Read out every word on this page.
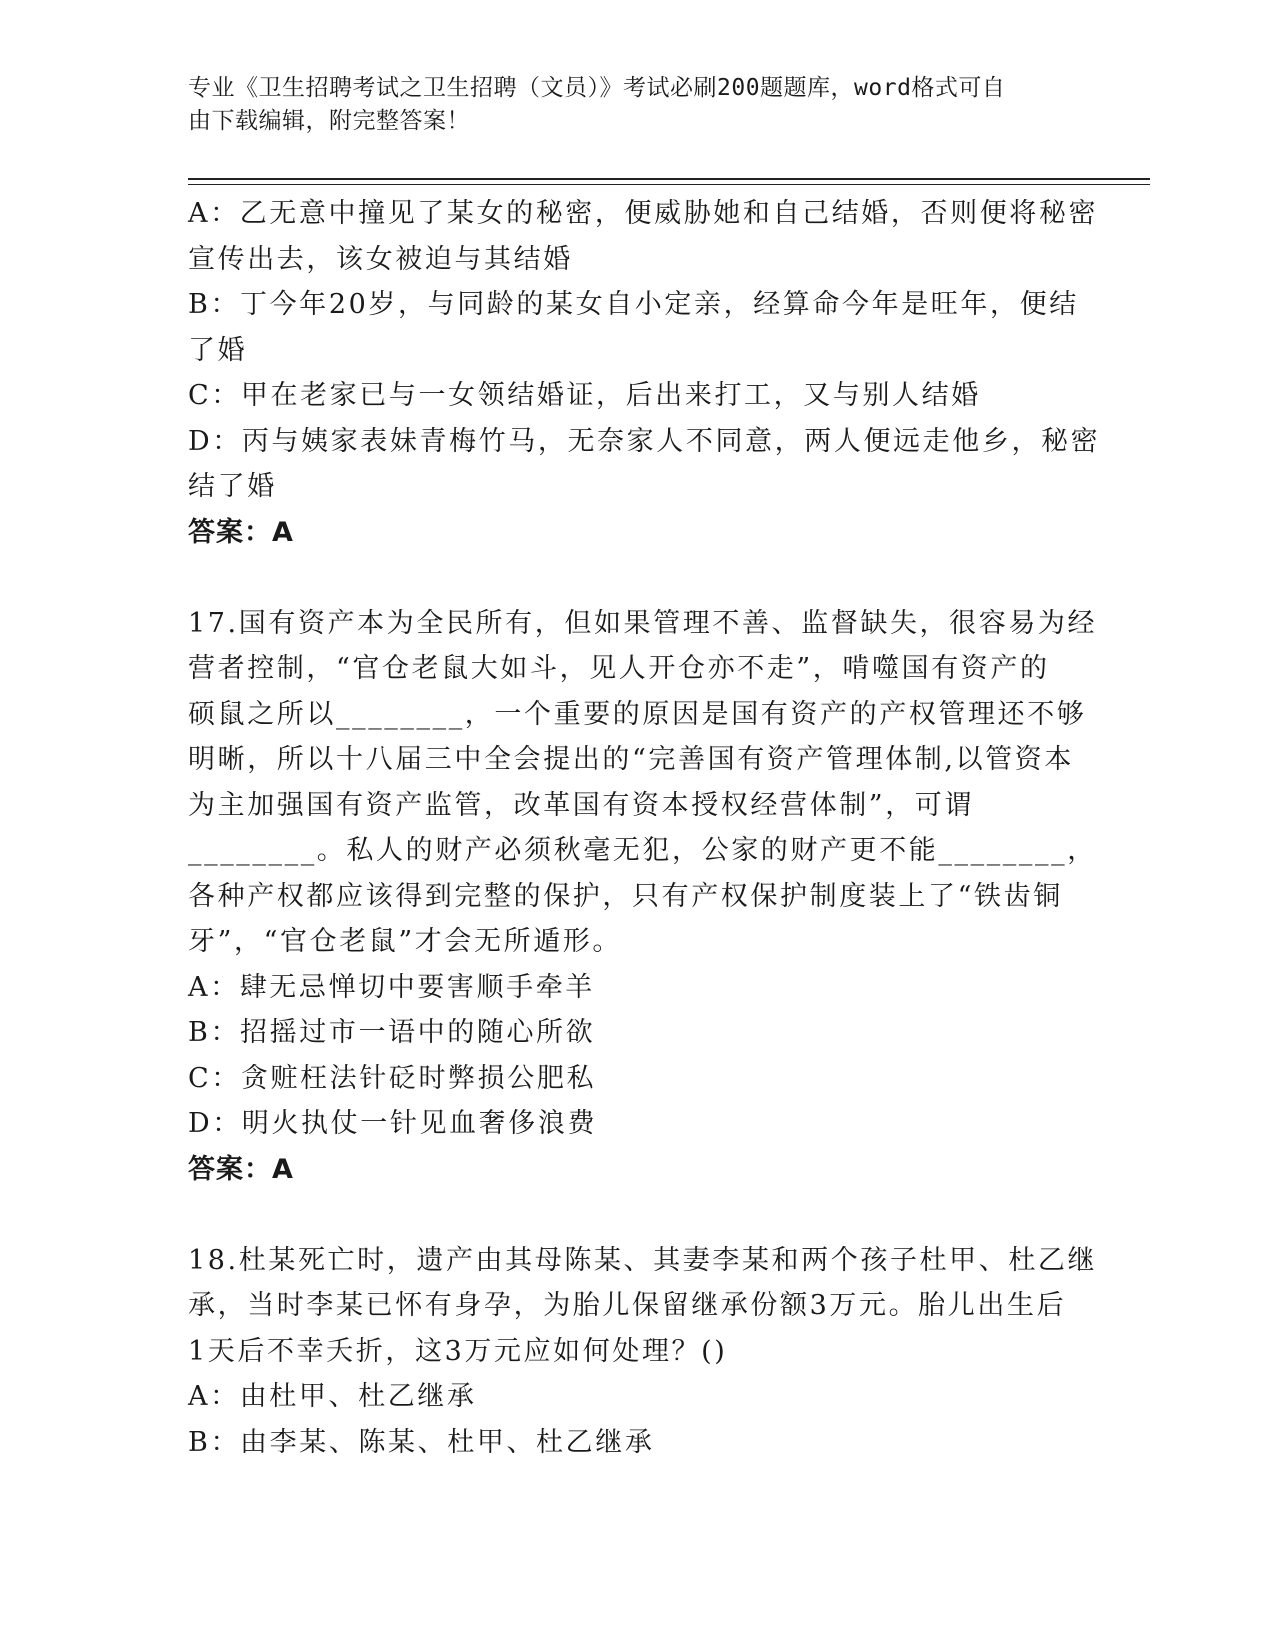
专业《卫生招聘考试之卫生招聘（文员）》考试必刷200题题库，word格式可自
由下载编辑，附完整答案！
A：乙无意中撞见了某女的秘密，便威胁她和自己结婚，否则便将秘密
宣传出去，该女被迫与其结婚
B：丁今年20岁，与同龄的某女自小定亲，经算命今年是旺年，便结
了婚
C：甲在老家已与一女领结婚证，后出来打工，又与别人结婚
D：丙与姨家表妹青梅竹马，无奈家人不同意，两人便远走他乡，秘密
结了婚
答案：A
17.国有资产本为全民所有，但如果管理不善、监督缺失，很容易为经
营者控制，“官仓老鼠大如斗，见人开仓亦不走”，啃噬国有资产的
硕鼠之所以________，一个重要的原因是国有资产的产权管理还不够
明晰，所以十八届三中全会提出的“完善国有资产管理体制,以管资本
为主加强国有资产监管，改革国有资本授权经营体制”，可谓
________。私人的财产必须秋毫无犯，公家的财产更不能________，
各种产权都应该得到完整的保护，只有产权保护制度装上了“铁齿铜
牙”，“官仓老鼠”才会无所遁形。
A：肆无忌惮切中要害顺手牵羊
B：招摇过市一语中的随心所欲
C：贪赃枉法针砭时弊损公肥私
D：明火执仗一针见血奢侈浪费
答案：A
18.杜某死亡时，遗产由其母陈某、其妻李某和两个孩子杜甲、杜乙继
承，当时李某已怀有身孕，为胎儿保留继承份额3万元。胎儿出生后
1天后不幸夭折，这3万元应如何处理？()
A：由杜甲、杜乙继承
B：由李某、陈某、杜甲、杜乙继承
